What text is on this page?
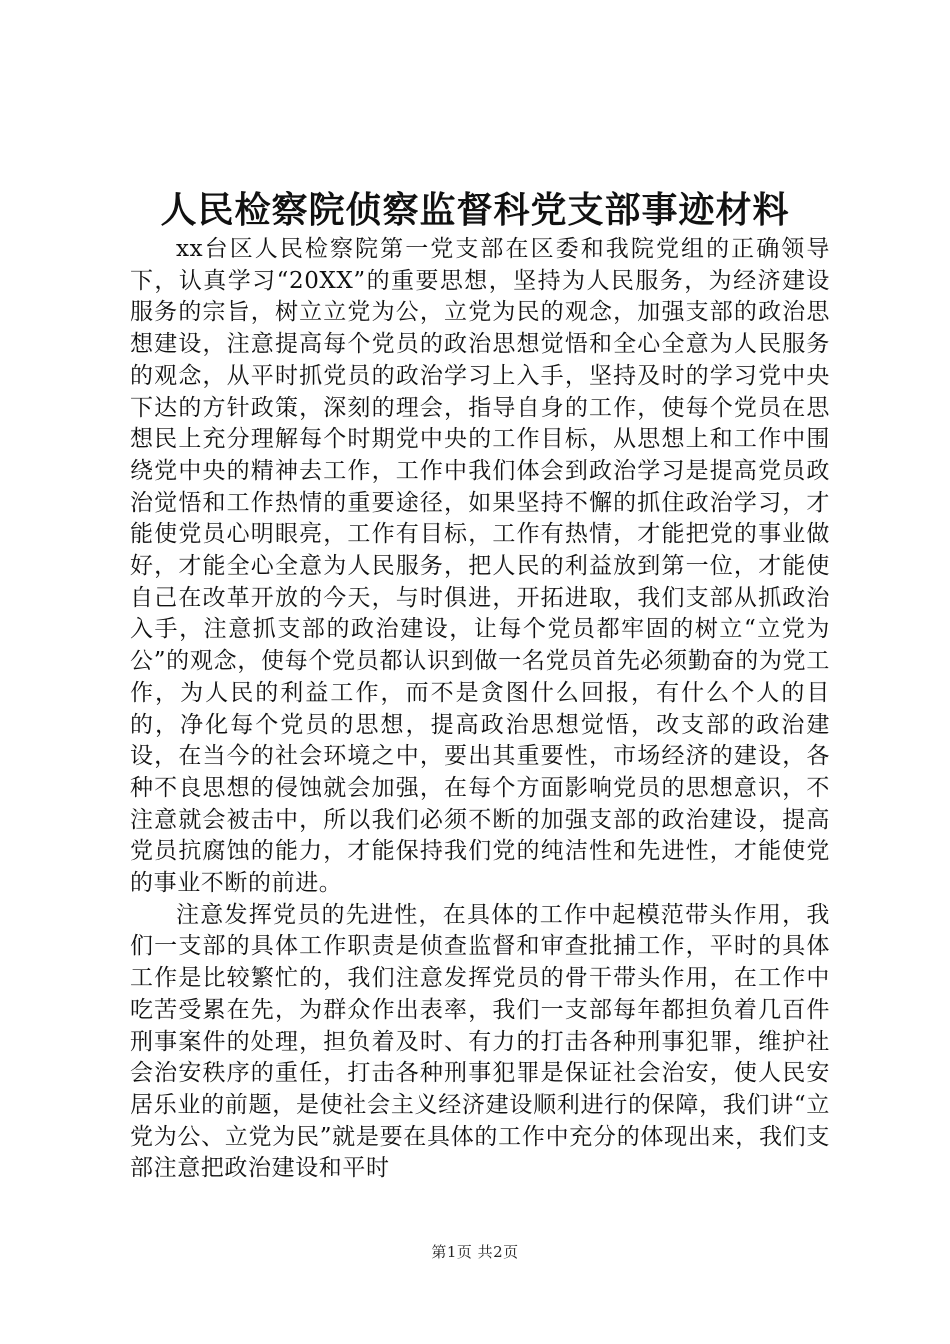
人民检察院侦察监督科党支部事迹材料

xx台区人民检察院第一党支部在区委和我院党组的正确领导下，认真学习“20XX”的重要思想，坚持为人民服务，为经济建设服务的宗旨，树立立党为公，立党为民的观念，加强支部的政治思想建设，注意提高每个党员的政治思想觉悟和全心全意为人民服务的观念，从平时抓党员的政治学习上入手，坚持及时的学习党中央下达的方针政策，深刻的理会，指导自身的工作，使每个党员在思想民上充分理解每个时期党中央的工作目标，从思想上和工作中围绕党中央的精神去工作，工作中我们体会到政治学习是提高党员政治觉悟和工作热情的重要途径，如果坚持不懈的抓住政治学习，才能使党员心明眼亮，工作有目标，工作有热情，才能把党的事业做好，才能全心全意为人民服务，把人民的利益放到第一位，才能使自己在改革开放的今天，与时俱进，开拓进取，我们支部从抓政治入手，注意抓支部的政治建设，让每个党员都牢固的树立“立党为公”的观念，使每个党员都认识到做一名党员首先必须勤奋的为党工作，为人民的利益工作，而不是贪图什么回报，有什么个人的目的，净化每个党员的思想，提高政治思想觉悟，改支部的政治建设，在当今的社会环境之中，要出其重要性，市场经济的建设，各种不良思想的侵蚀就会加强，在每个方面影响党员的思想意识，不注意就会被击中，所以我们必须不断的加强支部的政治建设，提高党员抗腐蚀的能力，才能保持我们党的纯洁性和先进性，才能使党的事业不断的前进。

注意发挥党员的先进性，在具体的工作中起模范带头作用，我们一支部的具体工作职责是侦查监督和审查批捕工作，平时的具体工作是比较繁忙的，我们注意发挥党员的骨干带头作用，在工作中吃苦受累在先，为群众作出表率，我们一支部每年都担负着几百件刑事案件的处理，担负着及时、有力的打击各种刑事犯罪，维护社会治安秩序的重任，打击各种刑事犯罪是保证社会治安，使人民安居乐业的前题，是使社会主义经济建设顺利进行的保障，我们讲“立党为公、立党为民”就是要在具体的工作中充分的体现出来，我们支部注意把政治建设和平时

第1页 共2页
